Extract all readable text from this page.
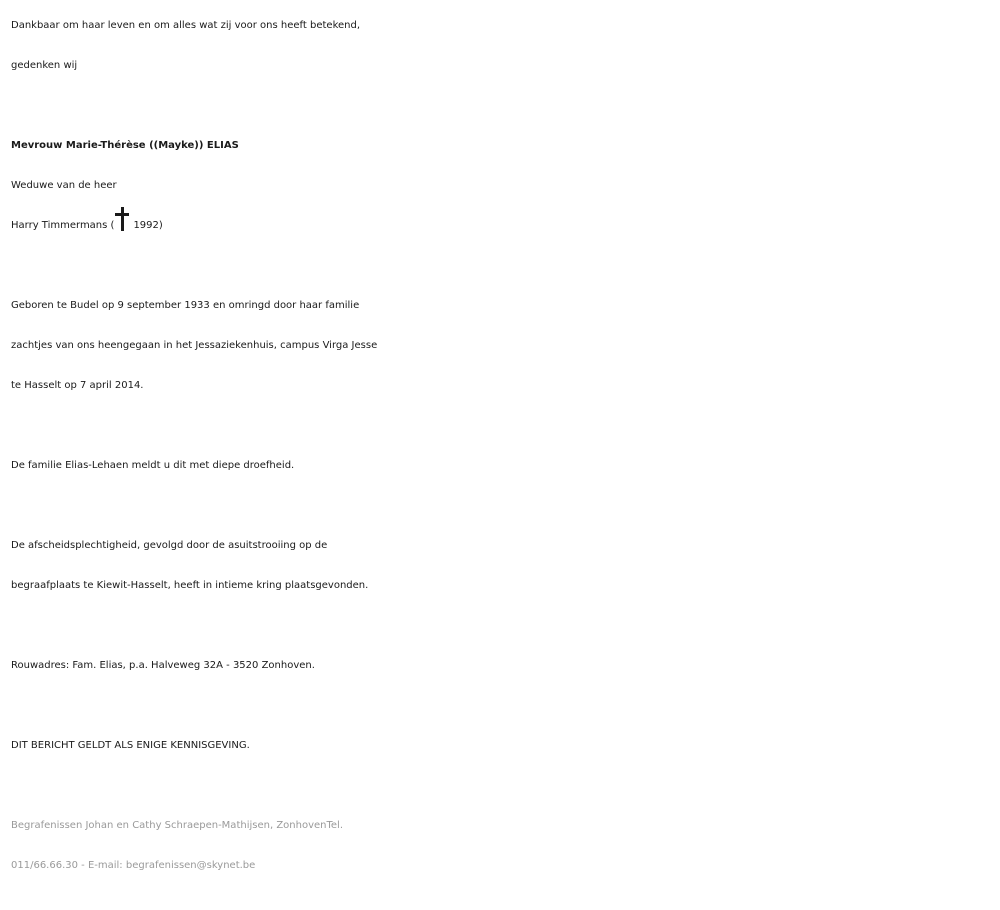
Dankbaar om haar leven en om alles wat zij voor ons heeft betekend,

gedenken wij

Mevrouw Marie-Thérèse ((Mayke)) ELIAS

Weduwe van de heer

Harry Timmermans ( 1992)

Geboren te Budel op 9 september 1933 en omringd door haar familie

zachtjes van ons heengegaan in het Jessaziekenhuis, campus Virga Jesse

te Hasselt op 7 april 2014.

De familie Elias-Lehaen meldt u dit met diepe droefheid.

De afscheidsplechtigheid, gevolgd door de asuitstrooiing op de

begraafplaats te Kiewit-Hasselt, heeft in intieme kring plaatsgevonden.

Rouwadres: Fam. Elias, p.a. Halveweg 32A - 3520 Zonhoven.

DIT BERICHT GELDT ALS ENIGE KENNISGEVING.

Begrafenissen Johan en Cathy Schraepen-Mathijsen, ZonhovenTel.

011/66.66.30 - E-mail: begrafenissen@skynet.be
